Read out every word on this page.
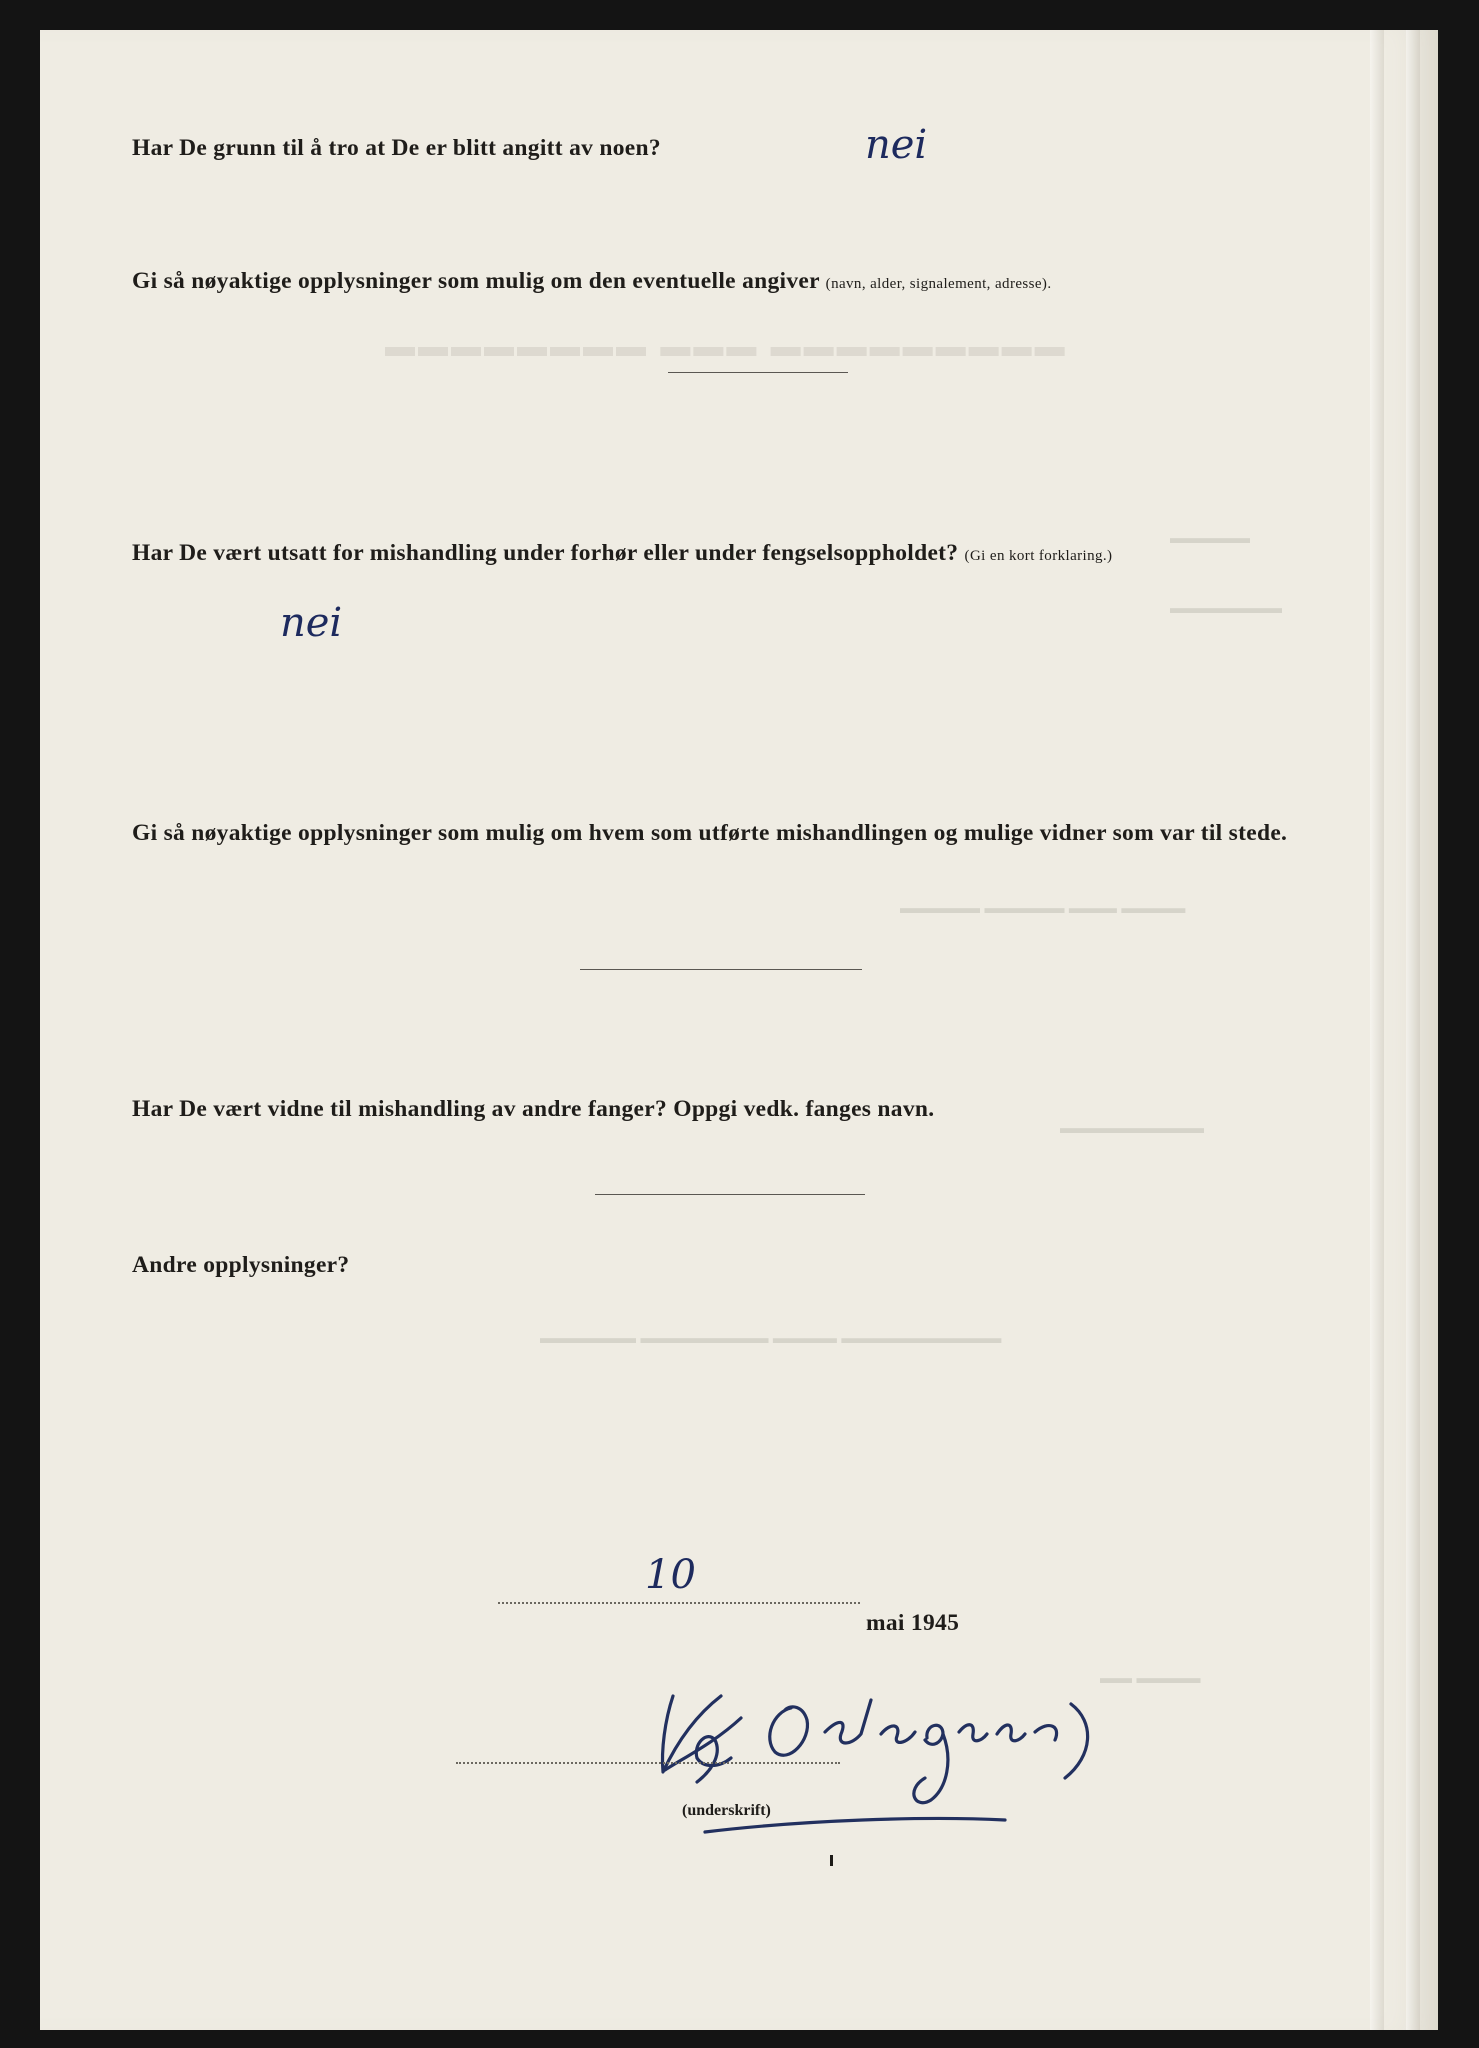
▬▬▬▬▬▬▬▬ ▬▬▬ ▬▬▬▬▬▬▬▬▬
▬▬▬▬▬
▬▬▬▬▬▬▬
▬▬▬▬▬ ▬▬▬▬▬ ▬▬▬ ▬▬▬▬
▬▬▬▬▬▬▬▬▬
▬▬▬▬▬▬ ▬▬▬▬▬▬▬▬ ▬▬▬▬ ▬▬▬▬▬▬▬▬▬▬
▬▬ ▬▬▬▬

Har De grunn til å tro at De er blitt angitt av noen?	nei

Gi så nøyaktige opplysninger som mulig om den eventuelle angiver (navn, alder, signalement, adresse).

Har De vært utsatt for mishandling under forhør eller under fengselsoppholdet? (Gi en kort forklaring.)

nei

Gi så nøyaktige opplysninger som mulig om hvem som utførte mishandlingen og mulige vidner som var til stede.

Har De vært vidne til mishandling av andre fanger? Oppgi vedk. fanges navn.

Andre opplysninger?

10

mai 1945

(underskrift)
